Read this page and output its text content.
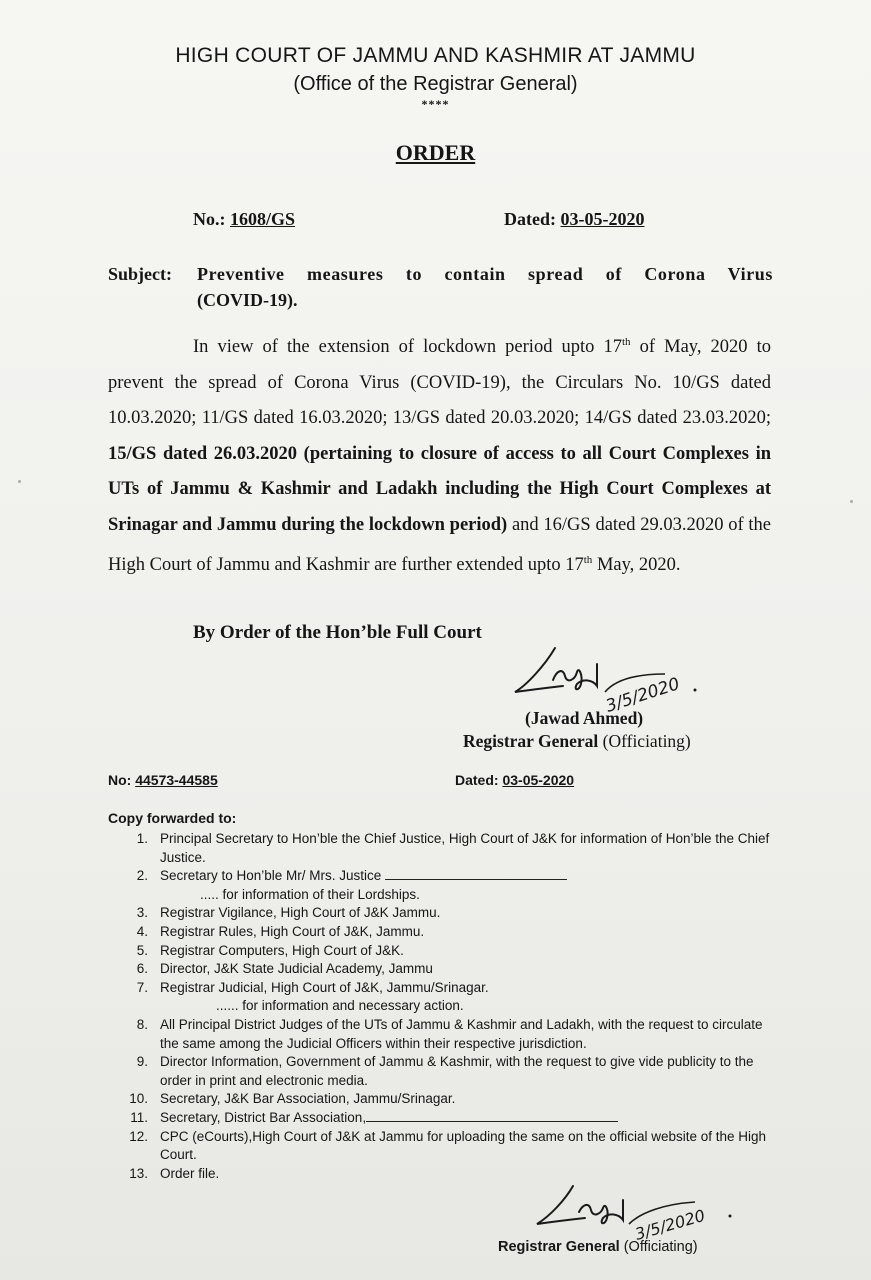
HIGH COURT OF JAMMU AND KASHMIR AT JAMMU
(Office of the Registrar General)
****
ORDER
No.: 1608/GS	Dated: 03-05-2020
Subject: Preventive measures to contain spread of Corona Virus
(COVID-19).

In view of the extension of lockdown period upto 17th of May, 2020 to prevent the spread of Corona Virus (COVID-19), the Circulars No. 10/GS dated 10.03.2020; 11/GS dated 16.03.2020; 13/GS dated 20.03.2020; 14/GS dated 23.03.2020; 15/GS dated 26.03.2020 (pertaining to closure of access to all Court Complexes in UTs of Jammu & Kashmir and Ladakh including the High Court Complexes at Srinagar and Jammu during the lockdown period) and 16/GS dated 29.03.2020 of the High Court of Jammu and Kashmir are further extended upto 17th May, 2020.

By Order of the Hon’ble Full Court
3/5/2020
(Jawad Ahmed)
Registrar General (Officiating)
No: 44573-44585	Dated: 03-05-2020
Copy forwarded to:
1. Principal Secretary to Hon’ble the Chief Justice, High Court of J&K for information of Hon’ble the Chief Justice.
2. Secretary to Hon’ble Mr/ Mrs. Justice
..... for information of their Lordships.
3. Registrar Vigilance, High Court of J&K Jammu.
4. Registrar Rules, High Court of J&K, Jammu.
5. Registrar Computers, High Court of J&K.
6. Director, J&K State Judicial Academy, Jammu
7. Registrar Judicial, High Court of J&K, Jammu/Srinagar.
...... for information and necessary action.
8. All Principal District Judges of the UTs of Jammu & Kashmir and Ladakh, with the request to circulate the same among the Judicial Officers within their respective jurisdiction.
9. Director Information, Government of Jammu & Kashmir, with the request to give vide publicity to the order in print and electronic media.
10. Secretary, J&K Bar Association, Jammu/Srinagar.
11. Secretary, District Bar Association,
12. CPC (eCourts),High Court of J&K at Jammu for uploading the same on the official website of the High Court.
13. Order file.
3/5/2020
Registrar General (Officiating)
